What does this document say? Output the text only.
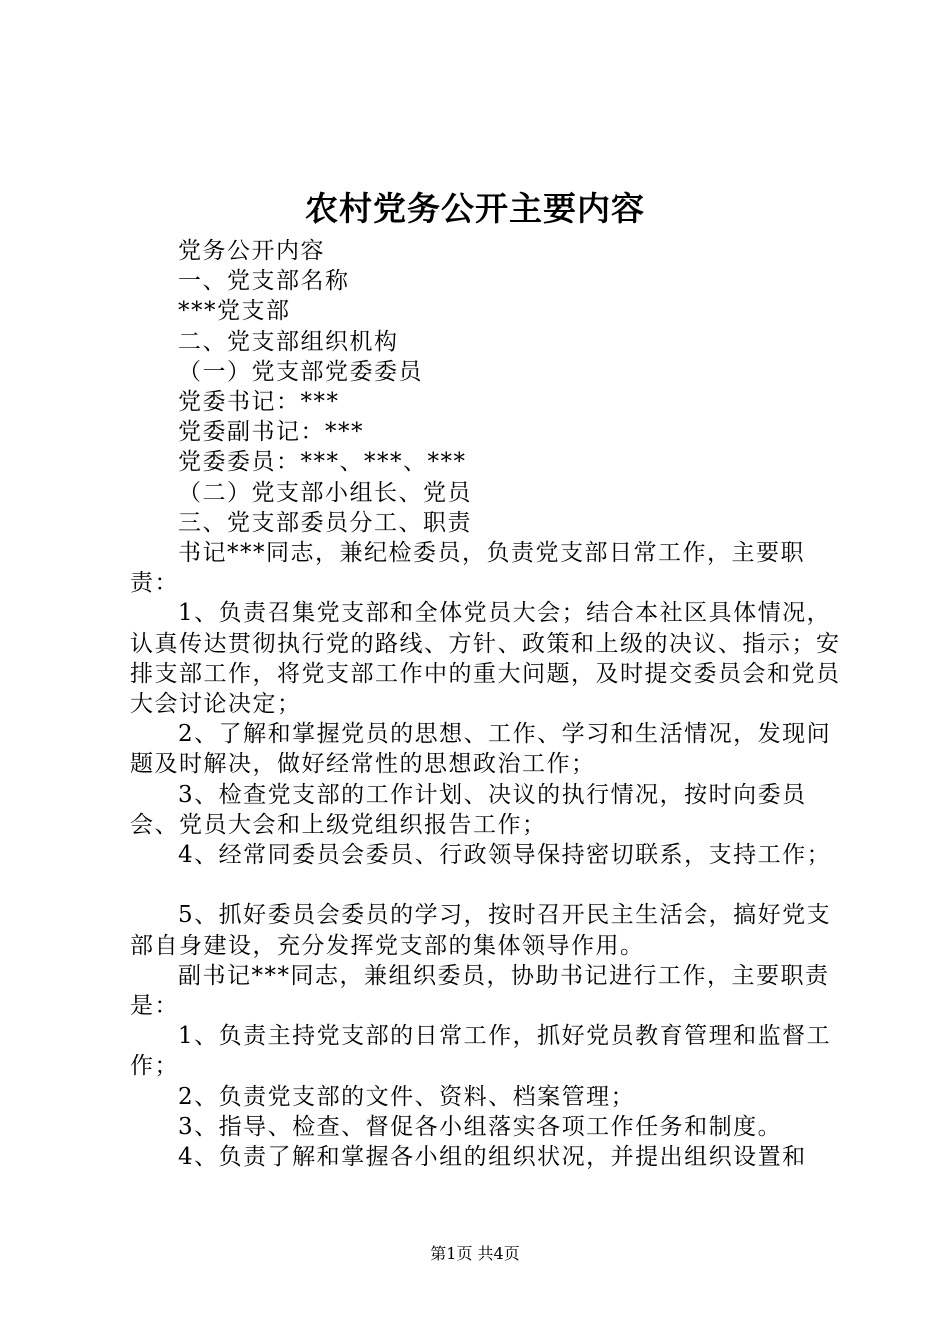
农村党务公开主要内容

党务公开内容

一、党支部名称

***党支部

二、党支部组织机构

（一）党支部党委委员

党委书记：***

党委副书记：***

党委委员：***、***、***

（二）党支部小组长、党员

三、党支部委员分工、职责

书记***同志，兼纪检委员，负责党支部日常工作，主要职责：

1、负责召集党支部和全体党员大会；结合本社区具体情况，认真传达贯彻执行党的路线、方针、政策和上级的决议、指示；安排支部工作，将党支部工作中的重大问题，及时提交委员会和党员大会讨论决定；

2、了解和掌握党员的思想、工作、学习和生活情况，发现问题及时解决，做好经常性的思想政治工作；

3、检查党支部的工作计划、决议的执行情况，按时向委员会、党员大会和上级党组织报告工作；

4、经常同委员会委员、行政领导保持密切联系，支持工作；

5、抓好委员会委员的学习，按时召开民主生活会，搞好党支部自身建设，充分发挥党支部的集体领导作用。

副书记***同志，兼组织委员，协助书记进行工作，主要职责是：

1、负责主持党支部的日常工作，抓好党员教育管理和监督工作；

2、负责党支部的文件、资料、档案管理；

3、指导、检查、督促各小组落实各项工作任务和制度。

4、负责了解和掌握各小组的组织状况，并提出组织设置和

第1页 共4页
